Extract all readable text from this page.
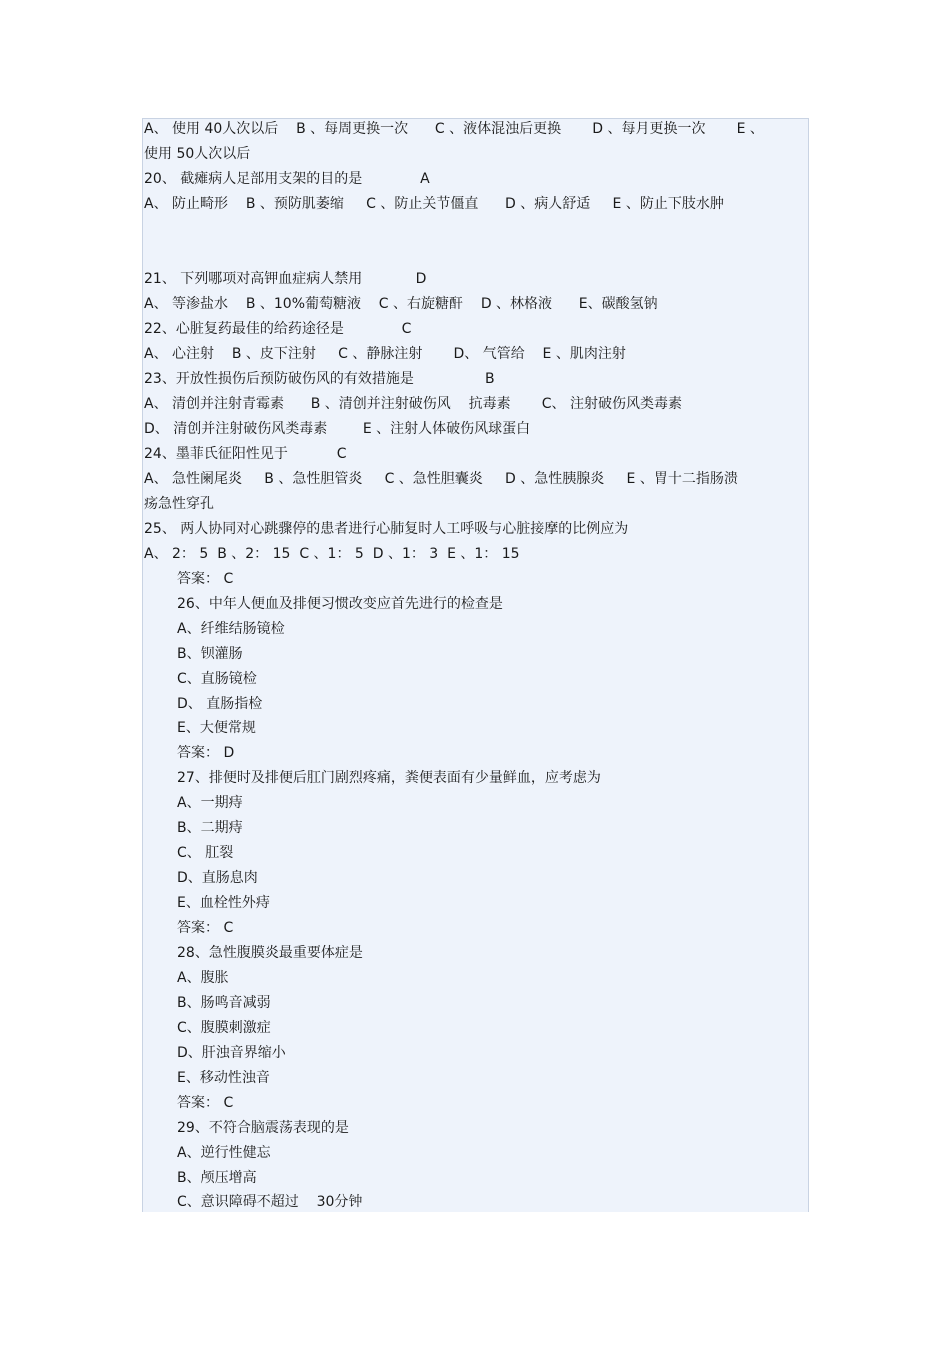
A、 使用 40人次以后    B 、每周更换一次      C 、液体混浊后更换       D 、每月更换一次       E 、
使用 50人次以后
20、 截瘫病人足部用支架的目的是             A
A、 防止畸形    B 、预防肌萎缩     C 、防止关节僵直      D 、病人舒适     E 、防止下肢水肿
21、 下列哪项对高钾血症病人禁用            D
A、 等渗盐水    B 、10%葡萄糖液    C 、右旋糖酐    D 、林格液      E、碳酸氢钠
22、心脏复药最佳的给药途径是             C
A、 心注射    B 、皮下注射     C 、静脉注射       D、 气管给    E 、肌肉注射
23、开放性损伤后预防破伤风的有效措施是                B
A、 清创并注射青霉素      B 、清创并注射破伤风    抗毒素       C、 注射破伤风类毒素
D、 清创并注射破伤风类毒素        E 、注射人体破伤风球蛋白
24、墨菲氏征阳性见于           C
A、 急性阑尾炎     B 、急性胆管炎     C 、急性胆囊炎     D 、急性胰腺炎     E 、胃十二指肠溃
疡急性穿孔
25、 两人协同对心跳骤停的患者进行心肺复时人工呼吸与心脏接摩的比例应为
A、 2： 5  B 、2： 15  C 、1： 5  D 、1： 3  E 、1： 15
答案： C
26、中年人便血及排便习惯改变应首先进行的检查是
A、纤维结肠镜检
B、钡灌肠
C、直肠镜检
D、 直肠指检
E、大便常规
答案： D
27、排便时及排便后肛门剧烈疼痛，粪便表面有少量鲜血，应考虑为
A、一期痔
B、二期痔
C、 肛裂
D、直肠息肉
E、血栓性外痔
答案： C
28、急性腹膜炎最重要体症是
A、腹胀
B、肠鸣音减弱
C、腹膜刺激症
D、肝浊音界缩小
E、移动性浊音
答案： C
29、不符合脑震荡表现的是
A、逆行性健忘
B、颅压增高
C、意识障碍不超过    30分钟
